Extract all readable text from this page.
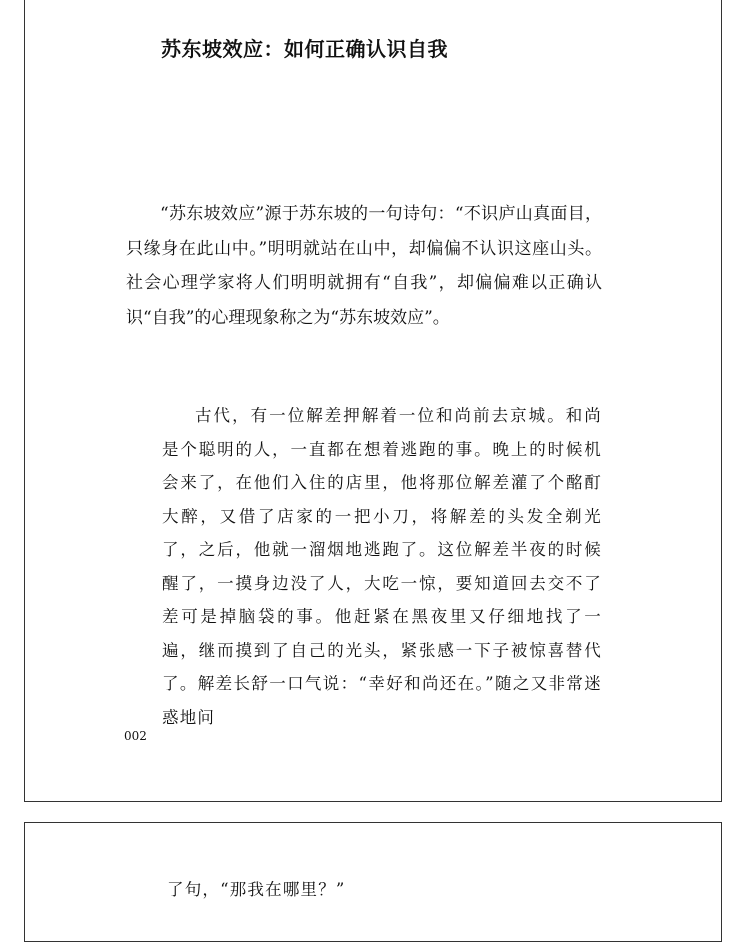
苏东坡效应：如何正确认识自我

“苏东坡效应”源于苏东坡的一句诗句：“不识庐山真面目，只缘身在此山中。”明明就站在山中，却偏偏不认识这座山头。 社会心理学家将人们明明就拥有“自我”，却偏偏难以正确认识“自我”的心理现象称之为“苏东坡效应”。

古代，有一位解差押解着一位和尚前去京城。和尚是个聪明的人，一直都在想着逃跑的事。晚上的时候机会来了，在他们入住的店里，他将那位解差灌了个酩酊大醉，又借了店家的一把小刀，将解差的头发全剃光了，之后，他就一溜烟地逃跑了。这位解差半夜的时候醒了，一摸身边没了人，大吃一惊，要知道回去交不了差可是掉脑袋的事。他赶紧在黑夜里又仔细地找了一遍，继而摸到了自己的光头，紧张感一下子被惊喜替代了。解差长舒一口气说：“幸好和尚还在。”随之又非常迷惑地问

002

了句，“那我在哪里？”
